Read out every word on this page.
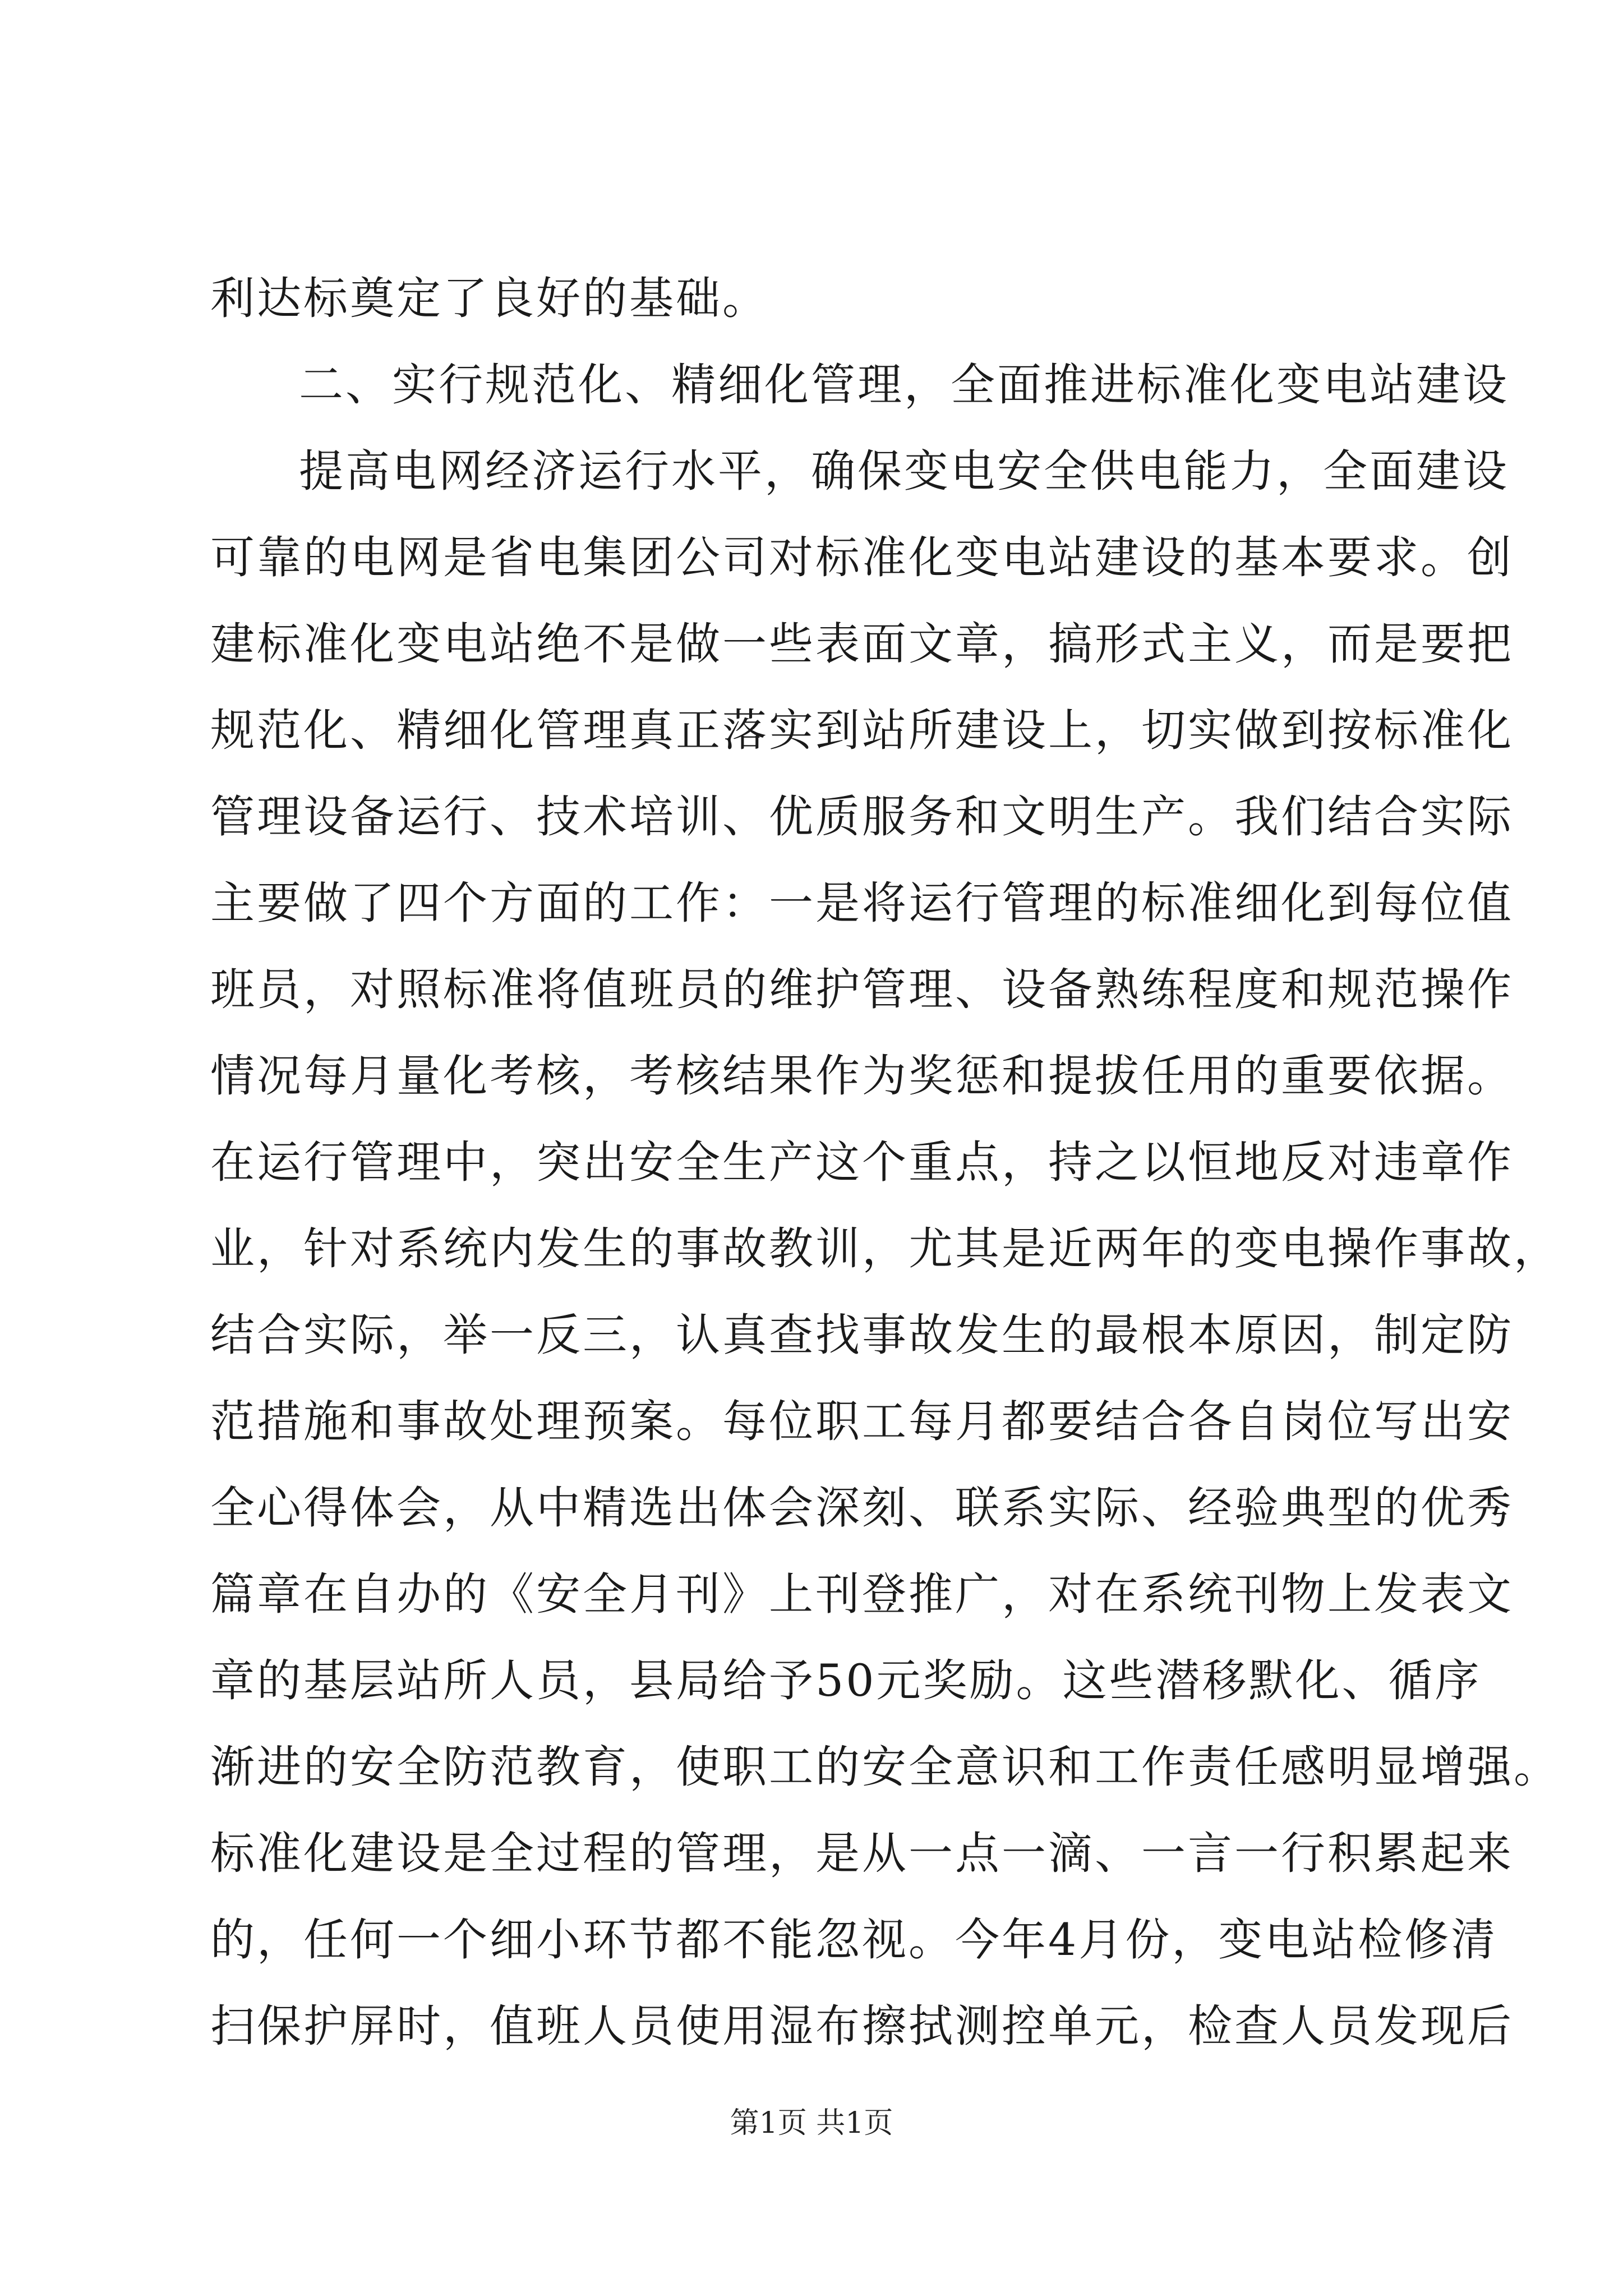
利达标奠定了良好的基础。
二、实行规范化、精细化管理，全面推进标准化变电站建设
提高电网经济运行水平，确保变电安全供电能力，全面建设
可靠的电网是省电集团公司对标准化变电站建设的基本要求。创
建标准化变电站绝不是做一些表面文章，搞形式主义，而是要把
规范化、精细化管理真正落实到站所建设上，切实做到按标准化
管理设备运行、技术培训、优质服务和文明生产。我们结合实际
主要做了四个方面的工作：一是将运行管理的标准细化到每位值
班员，对照标准将值班员的维护管理、设备熟练程度和规范操作
情况每月量化考核，考核结果作为奖惩和提拔任用的重要依据。
在运行管理中，突出安全生产这个重点，持之以恒地反对违章作
业，针对系统内发生的事故教训，尤其是近两年的变电操作事故，
结合实际，举一反三，认真查找事故发生的最根本原因，制定防
范措施和事故处理预案。每位职工每月都要结合各自岗位写出安
全心得体会，从中精选出体会深刻、联系实际、经验典型的优秀
篇章在自办的《安全月刊》上刊登推广，对在系统刊物上发表文
章的基层站所人员，县局给予50元奖励。这些潜移默化、循序
渐进的安全防范教育，使职工的安全意识和工作责任感明显增强。
标准化建设是全过程的管理，是从一点一滴、一言一行积累起来
的，任何一个细小环节都不能忽视。今年4月份，变电站检修清
扫保护屏时，值班人员使用湿布擦拭测控单元，检查人员发现后
第1页 共1页
